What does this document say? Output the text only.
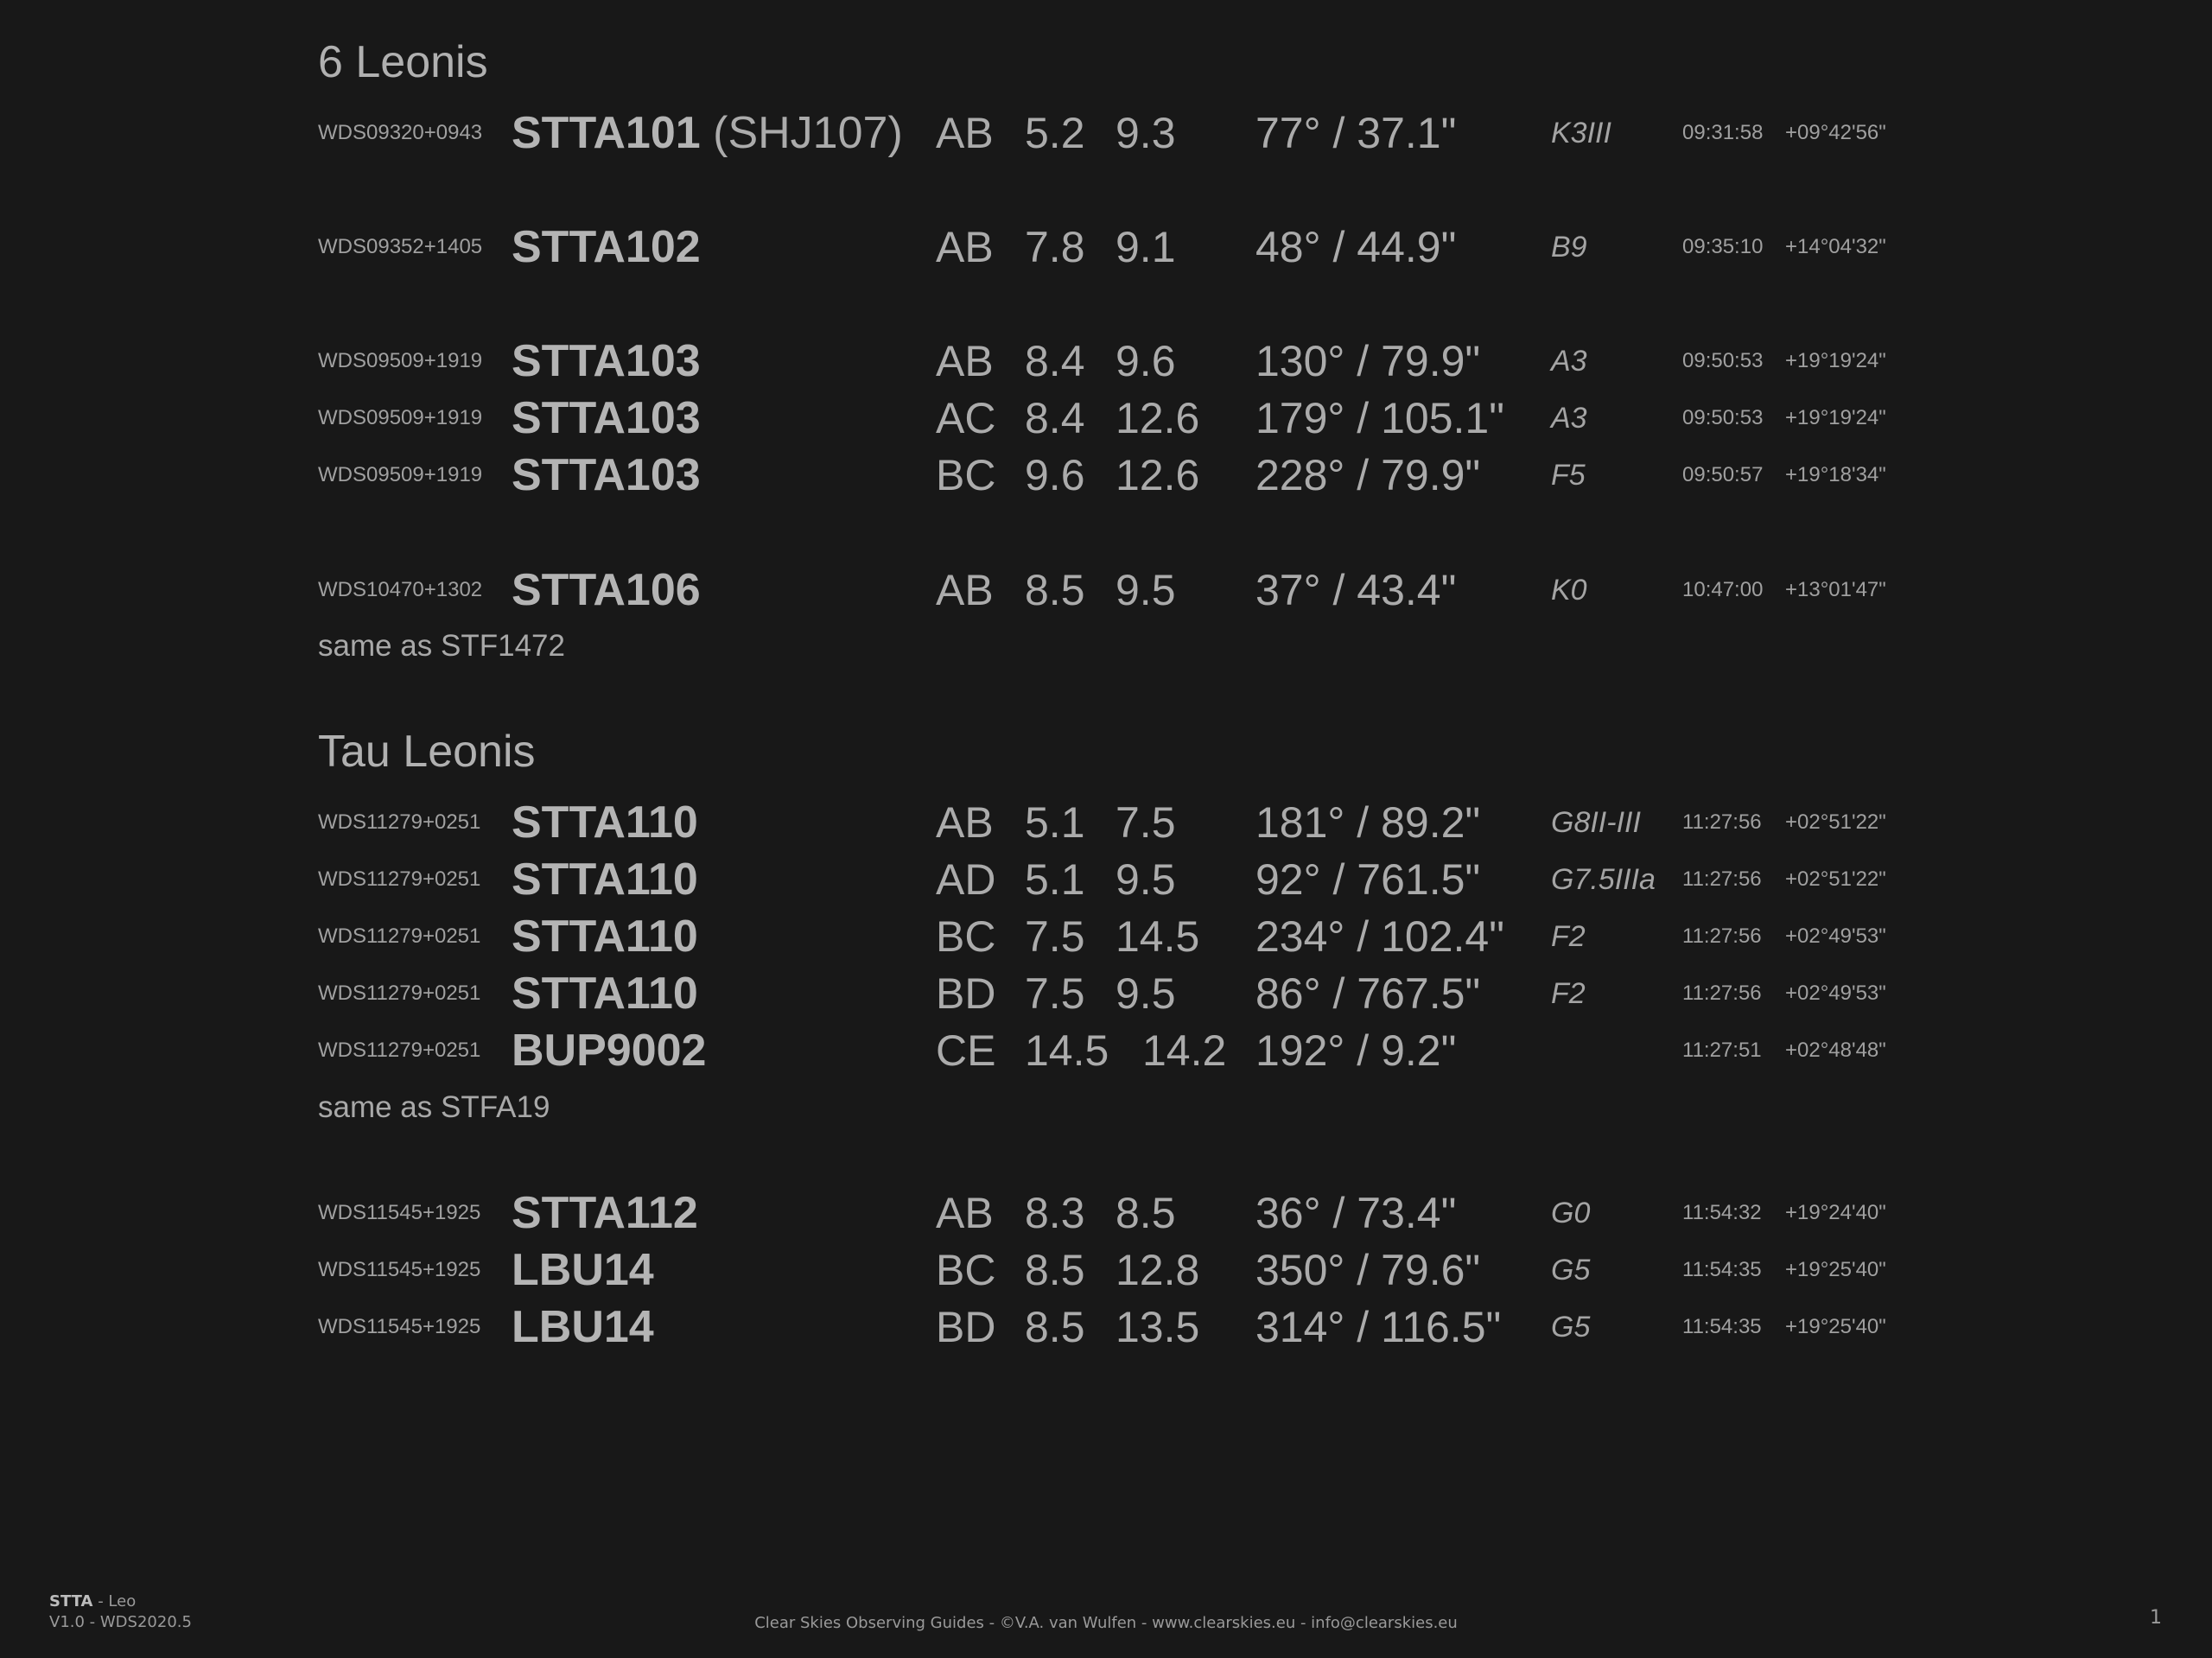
6 Leonis
WDS09320+0943 STTA101 (SHJ107) AB 5.2 9.3 77° / 37.1"	K3III	09:31:58 +09°42'56"
WDS09352+1405 STTA102	AB 7.8 9.1 48° / 44.9"	B9	09:35:10 +14°04'32"
WDS09509+1919 STTA103	AB 8.4 9.6 130° / 79.9" A3	09:50:53 +19°19'24"
WDS09509+1919 STTA103	AC 8.4 12.6 179° / 105.1" A3	09:50:53 +19°19'24"
WDS09509+1919 STTA103	BC 9.6 12.6 228° / 79.9" F5	09:50:57 +19°18'34"
WDS10470+1302 STTA106	AB 8.5 9.5 37° / 43.4"	K0	10:47:00 +13°01'47"
same as STF1472
Tau Leonis
WDS11279+0251 STTA110	AB 5.1 7.5 181° / 89.2" G8II-III 11:27:56 +02°51'22"
WDS11279+0251 STTA110	AD 5.1 9.5 92° / 761.5" G7.5IIIa 11:27:56 +02°51'22"
WDS11279+0251 STTA110	BC 7.5 14.5 234° / 102.4" F2	11:27:56 +02°49'53"
WDS11279+0251 STTA110	BD 7.5 9.5 86° / 767.5" F2	11:27:56 +02°49'53"
WDS11279+0251 BUP9002	CE 14.5 14.2 192° / 9.2"	11:27:51 +02°48'48"
same as STFA19
WDS11545+1925 STTA112	AB 8.3 8.5 36° / 73.4"	G0	11:54:32 +19°24'40"
WDS11545+1925 LBU14	BC 8.5 12.8 350° / 79.6" G5	11:54:35 +19°25'40"
WDS11545+1925 LBU14	BD 8.5 13.5 314° / 116.5" G5	11:54:35 +19°25'40"
STTA - Leo
V1.0 - WDS2020.5	Clear Skies Observing Guides - ©V.A. van Wulfen - www.clearskies.eu - info@clearskies.eu	1
